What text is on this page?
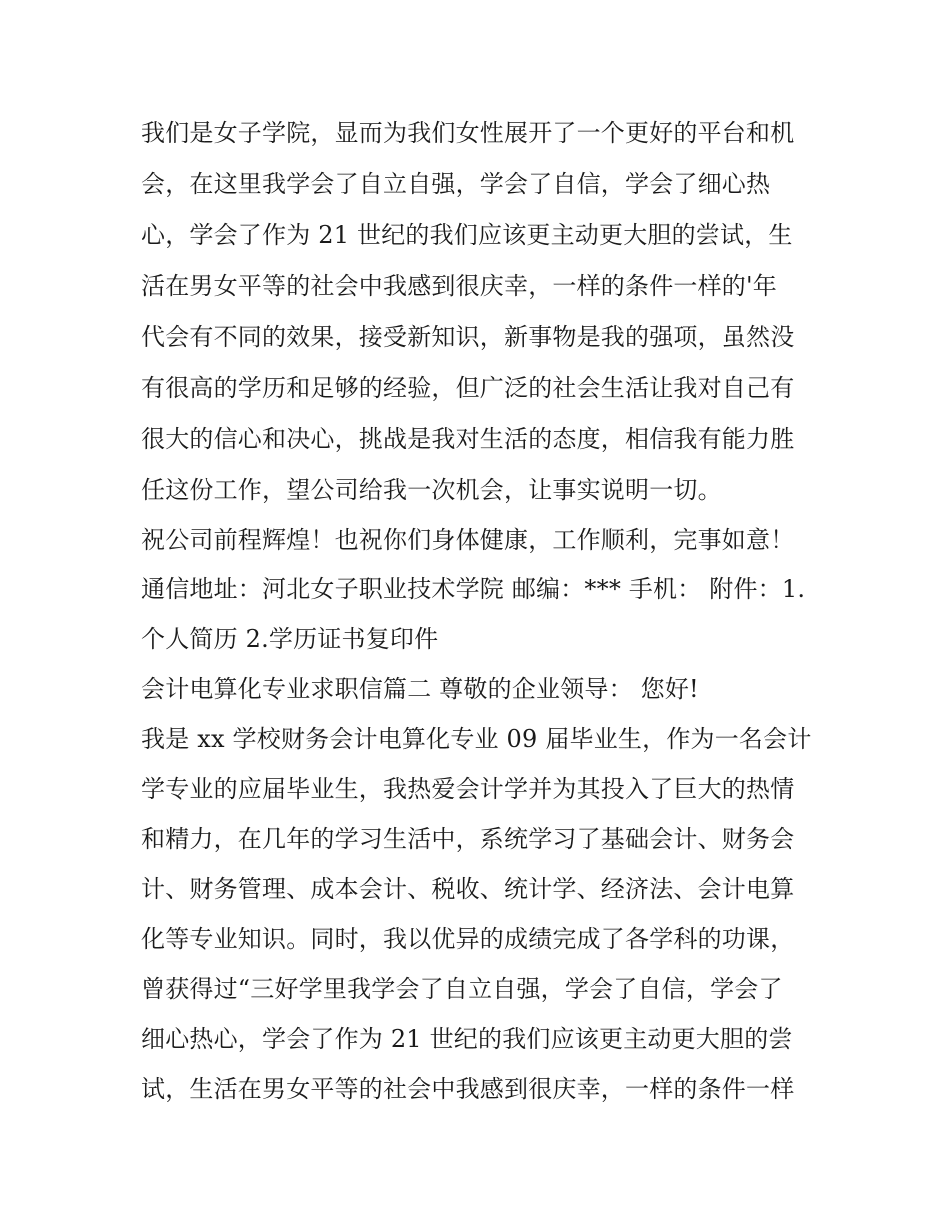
我们是女子学院，显而为我们女性展开了一个更好的平台和机
会，在这里我学会了自立自强，学会了自信，学会了细心热
心，学会了作为 21 世纪的我们应该更主动更大胆的尝试，生
活在男女平等的社会中我感到很庆幸，一样的条件一样的'年
代会有不同的效果，接受新知识，新事物是我的强项，虽然没
有很高的学历和足够的经验，但广泛的社会生活让我对自己有
很大的信心和决心，挑战是我对生活的态度，相信我有能力胜
任这份工作，望公司给我一次机会，让事实说明一切。
祝公司前程辉煌！也祝你们身体健康，工作顺利，完事如意！
通信地址：河北女子职业技术学院 邮编：*** 手机： 附件：1.
个人简历 2.学历证书复印件
会计电算化专业求职信篇二 尊敬的企业领导： 您好!
我是 xx 学校财务会计电算化专业 09 届毕业生，作为一名会计
学专业的应届毕业生，我热爱会计学并为其投入了巨大的热情
和精力，在几年的学习生活中，系统学习了基础会计、财务会
计、财务管理、成本会计、税收、统计学、经济法、会计电算
化等专业知识。同时，我以优异的成绩完成了各学科的功课，
曾获得过“三好学里我学会了自立自强，学会了自信，学会了
细心热心，学会了作为 21 世纪的我们应该更主动更大胆的尝
试，生活在男女平等的社会中我感到很庆幸，一样的条件一样
